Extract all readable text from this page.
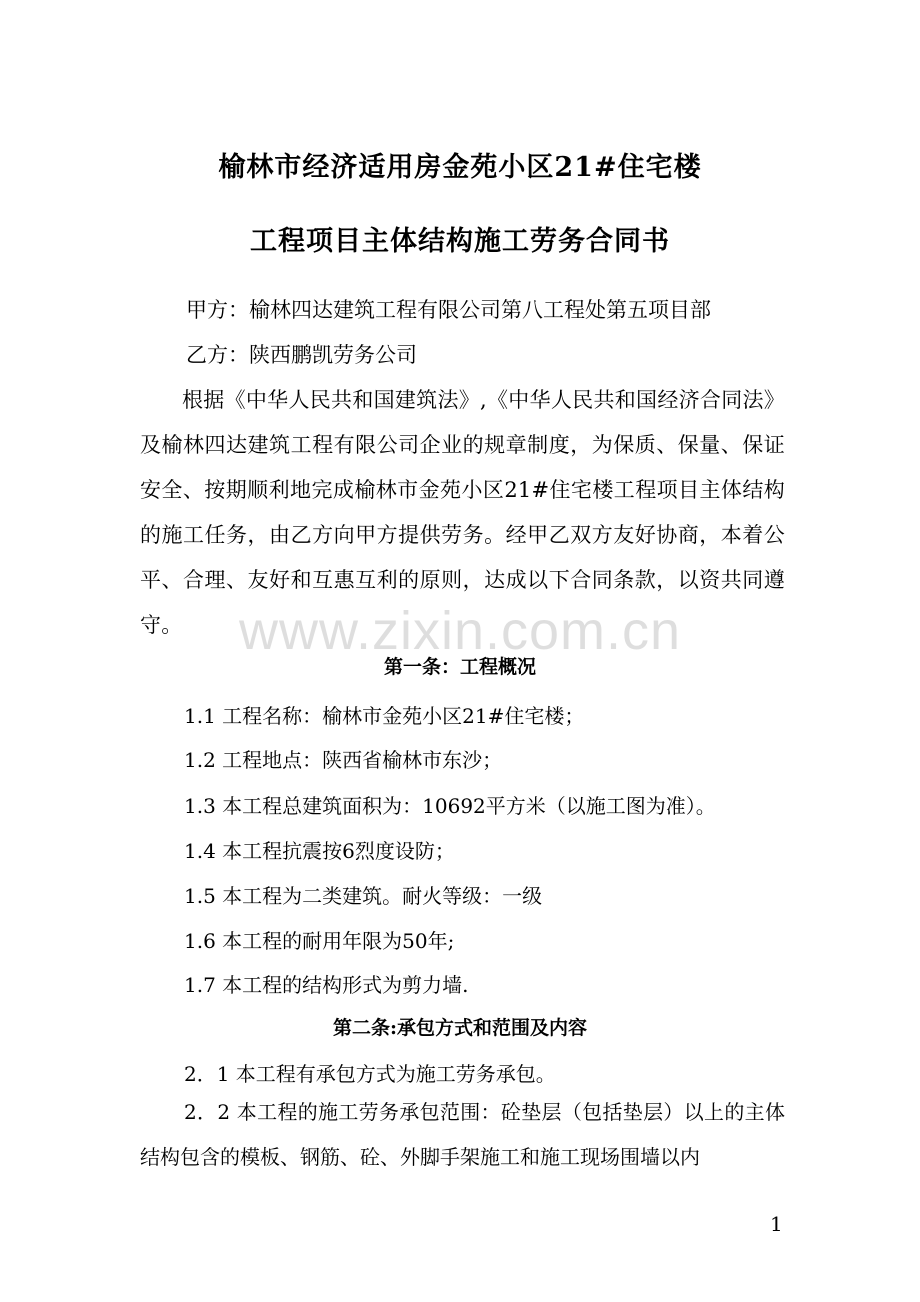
榆林市经济适用房金苑小区21#住宅楼
工程项目主体结构施工劳务合同书
甲方：榆林四达建筑工程有限公司第八工程处第五项目部
乙方：陕西鹏凯劳务公司
根据《中华人民共和国建筑法》,《中华人民共和国经济合同法》及榆林四达建筑工程有限公司企业的规章制度，为保质、保量、保证安全、按期顺利地完成榆林市金苑小区21#住宅楼工程项目主体结构的施工任务，由乙方向甲方提供劳务。经甲乙双方友好协商，本着公平、合理、友好和互惠互利的原则，达成以下合同条款，以资共同遵守。	www.zixin.com.cn
第一条：工程概况
1.1 工程名称：榆林市金苑小区21#住宅楼；
1.2 工程地点：陕西省榆林市东沙；
1.3 本工程总建筑面积为：10692平方米（以施工图为准）。
1.4 本工程抗震按6烈度设防；
1.5 本工程为二类建筑。耐火等级：一级
1.6 本工程的耐用年限为50年;
1.7 本工程的结构形式为剪力墙.
第二条:承包方式和范围及内容
2．1 本工程有承包方式为施工劳务承包。
2．2 本工程的施工劳务承包范围：砼垫层（包括垫层）以上的主体结构包含的模板、钢筋、砼、外脚手架施工和施工现场围墙以内
1
